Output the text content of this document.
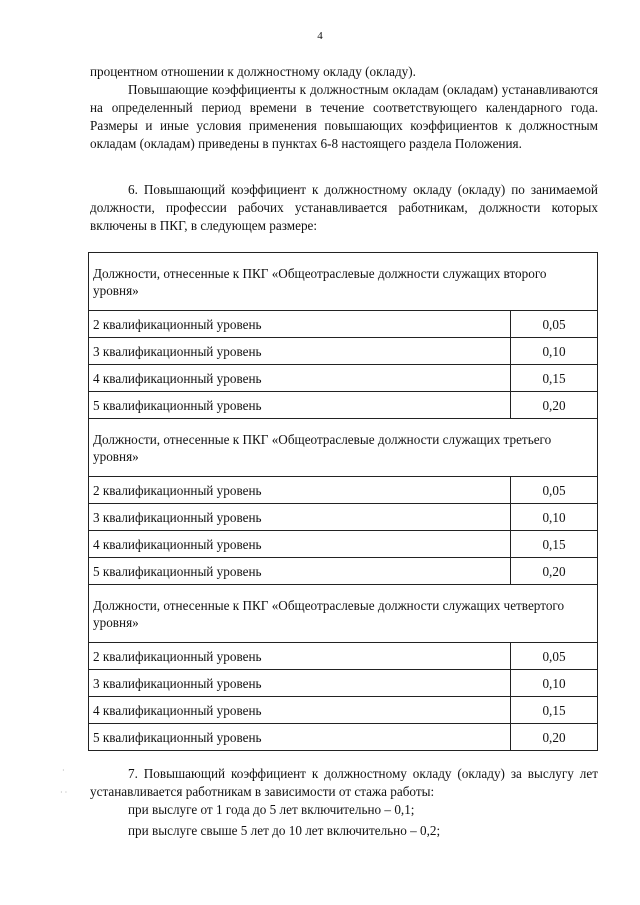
4

процентном отношении к должностному окладу (окладу).

Повышающие коэффициенты к должностным окладам (окладам) устанавливаются на определенный период времени в течение соответствующего календарного года. Размеры и иные условия применения повышающих коэффициентов к должностным окладам (окладам) приведены в пунктах 6-8 настоящего раздела Положения.

6. Повышающий коэффициент к должностному окладу (окладу) по занимаемой должности, профессии рабочих устанавливается работникам, должности которых включены в ПКГ, в следующем размере:

Должности, отнесенные к ПКГ «Общеотраслевые должности служащих второго уровня»	
2 квалификационный уровень	0,05
3 квалификационный уровень	0,10
4 квалификационный уровень	0,15
5 квалификационный уровень	0,20
Должности, отнесенные к ПКГ «Общеотраслевые должности служащих третьего уровня»	
2 квалификационный уровень	0,05
3 квалификационный уровень	0,10
4 квалификационный уровень	0,15
5 квалификационный уровень	0,20
Должности, отнесенные к ПКГ «Общеотраслевые должности служащих четвертого уровня»	
2 квалификационный уровень	0,05
3 квалификационный уровень	0,10
4 квалификационный уровень	0,15
5 квалификационный уровень	0,20

7. Повышающий коэффициент к должностному окладу (окладу) за выслугу лет устанавливается работникам в зависимости от стажа работы:

при выслуге от 1 года до 5 лет включительно – 0,1;
при выслуге свыше 5 лет до 10 лет включительно – 0,2;
·
· ·
